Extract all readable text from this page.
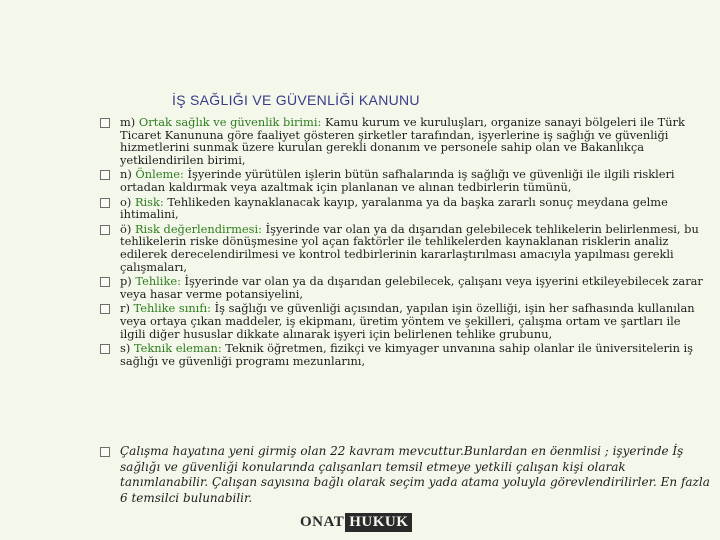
İŞ SAĞLIĞI VE GÜVENLİĞİ KANUNU
m) Ortak sağlık ve güvenlik birimi: Kamu kurum ve kuruluşları, organize sanayi bölgeleri ile Türk Ticaret Kanununa göre faaliyet gösteren şirketler tarafından, işyerlerine iş sağlığı ve güvenliği hizmetlerini sunmak üzere kurulan gerekli donanım ve personele sahip olan ve Bakanlıkça yetkilendirilen birimi,
n) Önleme: İşyerinde yürütülen işlerin bütün safhalarında iş sağlığı ve güvenliği ile ilgili riskleri ortadan kaldırmak veya azaltmak için planlanan ve alınan tedbirlerin tümünü,
o) Risk: Tehlikeden kaynaklanacak kayıp, yaralanma ya da başka zararlı sonuç meydana gelme ihtimalini,
ö) Risk değerlendirmesi: İşyerinde var olan ya da dışarıdan gelebilecek tehlikelerin belirlenmesi, bu tehlikelerin riske dönüşmesine yol açan faktörler ile tehlikelerden kaynaklanan risklerin analiz edilerek derecelendirilmesi ve kontrol tedbirlerinin kararlaştırılması amacıyla yapılması gerekli çalışmaları,
p) Tehlike: İşyerinde var olan ya da dışarıdan gelebilecek, çalışanı veya işyerini etkileyebilecek zarar veya hasar verme potansiyelini,
r) Tehlike sınıfı: İş sağlığı ve güvenliği açısından, yapılan işin özelliği, işin her safhasında kullanılan veya ortaya çıkan maddeler, iş ekipmanı, üretim yöntem ve şekilleri, çalışma ortam ve şartları ile ilgili diğer hususlar dikkate alınarak işyeri için belirlenen tehlike grubunu,
s) Teknik eleman: Teknik öğretmen, fizikçi ve kimyager unvanına sahip olanlar ile üniversitelerin iş sağlığı ve güvenliği programı mezunlarını,
Çalışma hayatına yeni girmiş olan 22 kavram mevcuttur.Bunlardan en öenmlisi ; işyerinde İş sağlığı ve güvenliği konularında çalışanları temsil etmeye yetkili çalışan kişi olarak tanımlanabilir. Çalışan sayısına bağlı olarak seçim yada atama yoluyla görevlendirilirler. En fazla 6 temsilci bulunabilir.
ONAT HUKUK
